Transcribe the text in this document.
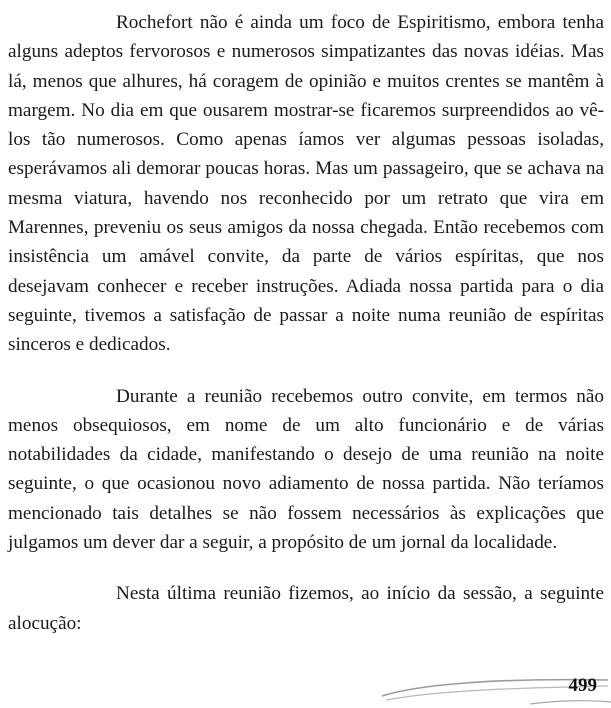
Rochefort não é ainda um foco de Espiritismo, embora tenha alguns adeptos fervorosos e numerosos simpatizantes das novas idéias. Mas lá, menos que alhures, há coragem de opinião e muitos crentes se mantêm à margem. No dia em que ousarem mostrar-se ficaremos surpreendidos ao vê-los tão numerosos. Como apenas íamos ver algumas pessoas isoladas, esperávamos ali demorar poucas horas. Mas um passageiro, que se achava na mesma viatura, havendo nos reconhecido por um retrato que vira em Marennes, preveniu os seus amigos da nossa chegada. Então recebemos com insistência um amável convite, da parte de vários espíritas, que nos desejavam conhecer e receber instruções. Adiada nossa partida para o dia seguinte, tivemos a satisfação de passar a noite numa reunião de espíritas sinceros e dedicados.

Durante a reunião recebemos outro convite, em termos não menos obsequiosos, em nome de um alto funcionário e de várias notabilidades da cidade, manifestando o desejo de uma reunião na noite seguinte, o que ocasionou novo adiamento de nossa partida. Não teríamos mencionado tais detalhes se não fossem necessários às explicações que julgamos um dever dar a seguir, a propósito de um jornal da localidade.

Nesta última reunião fizemos, ao início da sessão, a seguinte alocução:

499
